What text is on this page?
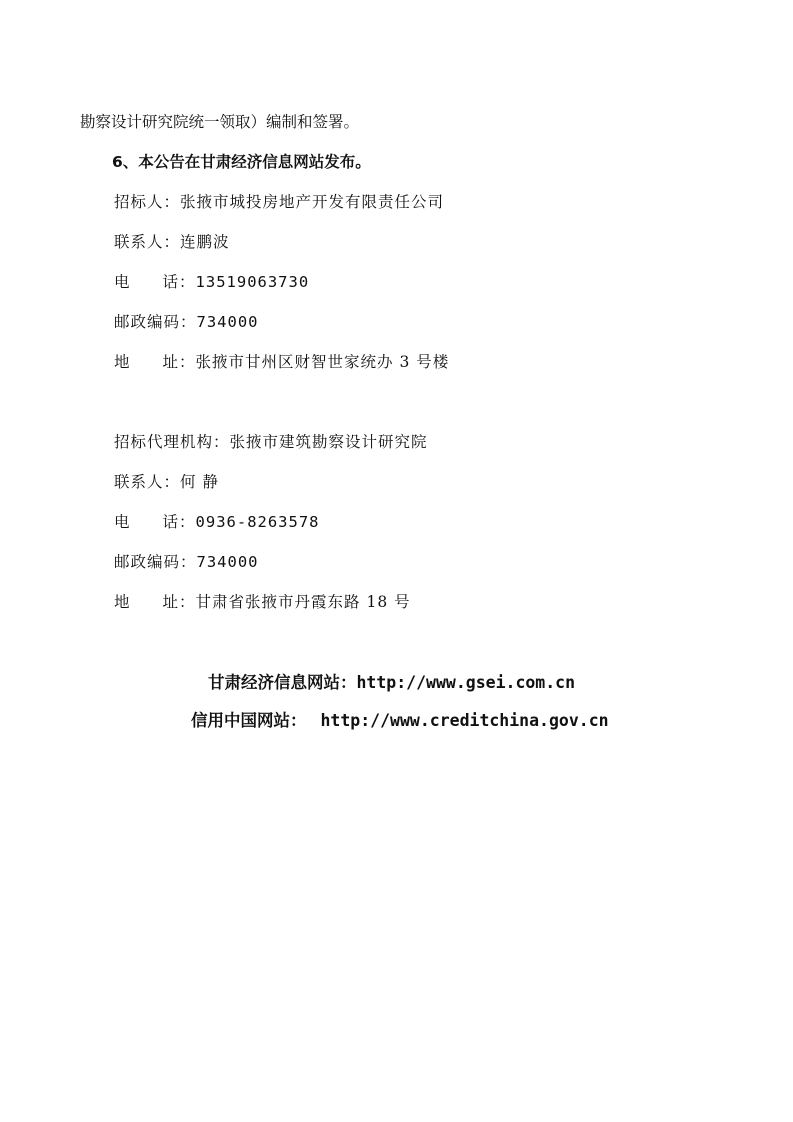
勘察设计研究院统一领取）编制和签署。
6、本公告在甘肃经济信息网站发布。
招标人：张掖市城投房地产开发有限责任公司
联系人：连鹏波
电 话：13519063730
邮政编码：734000
地 址：张掖市甘州区财智世家统办 3 号楼
招标代理机构：张掖市建筑勘察设计研究院
联系人：何 静
电 话：0936-8263578
邮政编码：734000
地 址：甘肃省张掖市丹霞东路 18 号
甘肃经济信息网站：http://www.gsei.com.cn
信用中国网站： http://www.creditchina.gov.cn
